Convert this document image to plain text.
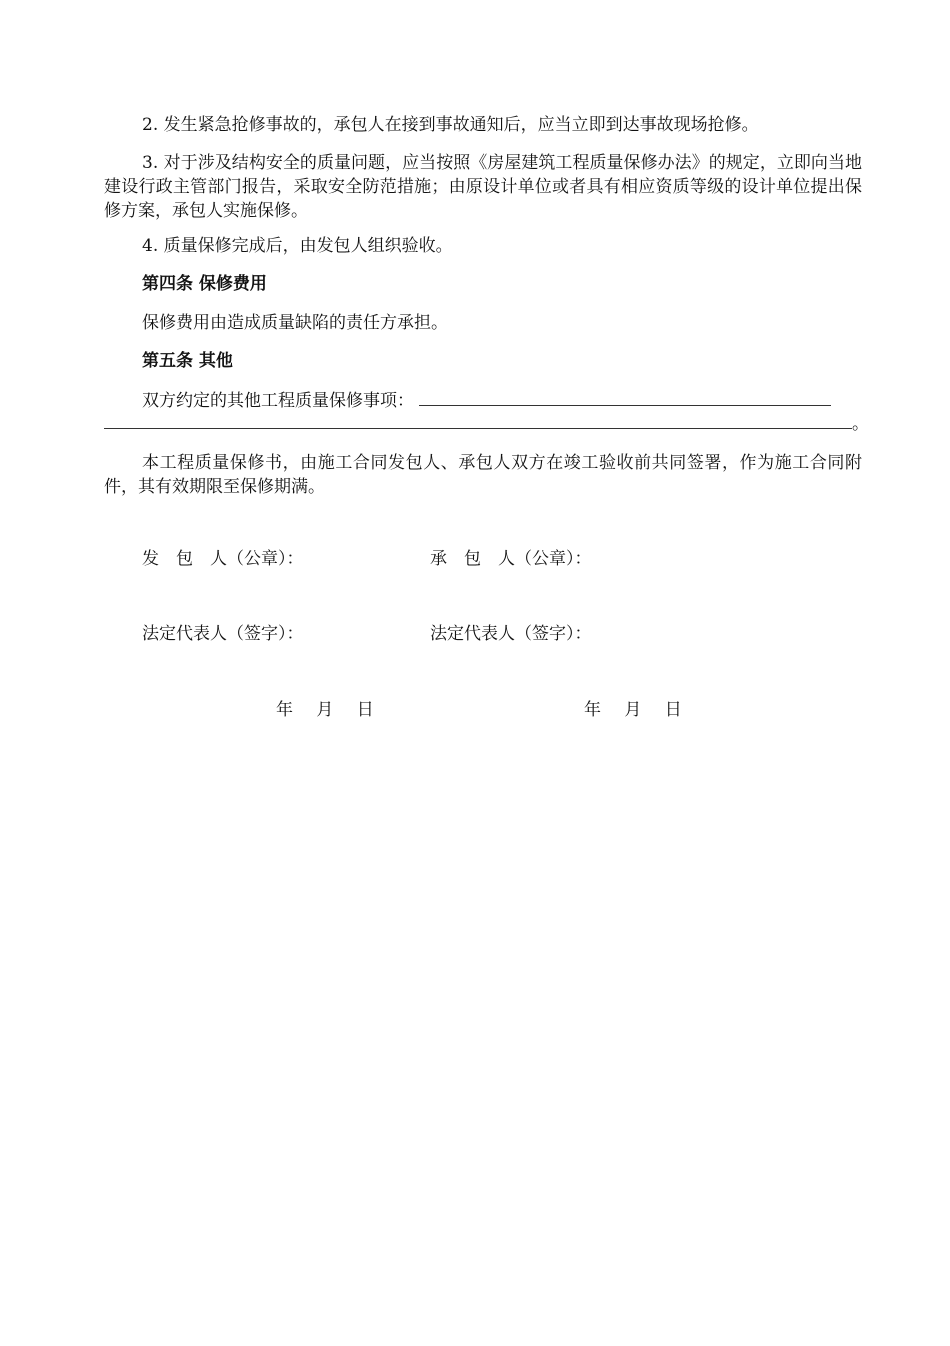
2. 发生紧急抢修事故的，承包人在接到事故通知后，应当立即到达事故现场抢修。

3. 对于涉及结构安全的质量问题，应当按照《房屋建筑工程质量保修办法》的规定，立即向当地建设行政主管部门报告，采取安全防范措施；由原设计单位或者具有相应资质等级的设计单位提出保修方案，承包人实施保修。

4. 质量保修完成后，由发包人组织验收。

第四条 保修费用

保修费用由造成质量缺陷的责任方承担。

第五条 其他

双方约定的其他工程质量保修事项：
。

本工程质量保修书，由施工合同发包人、承包人双方在竣工验收前共同签署，作为施工合同附件，其有效期限至保修期满。

发　包　人（公章）：	承　包　人（公章）：
法定代表人（签字）：	法定代表人（签字）：
年 月 日	年 月 日
